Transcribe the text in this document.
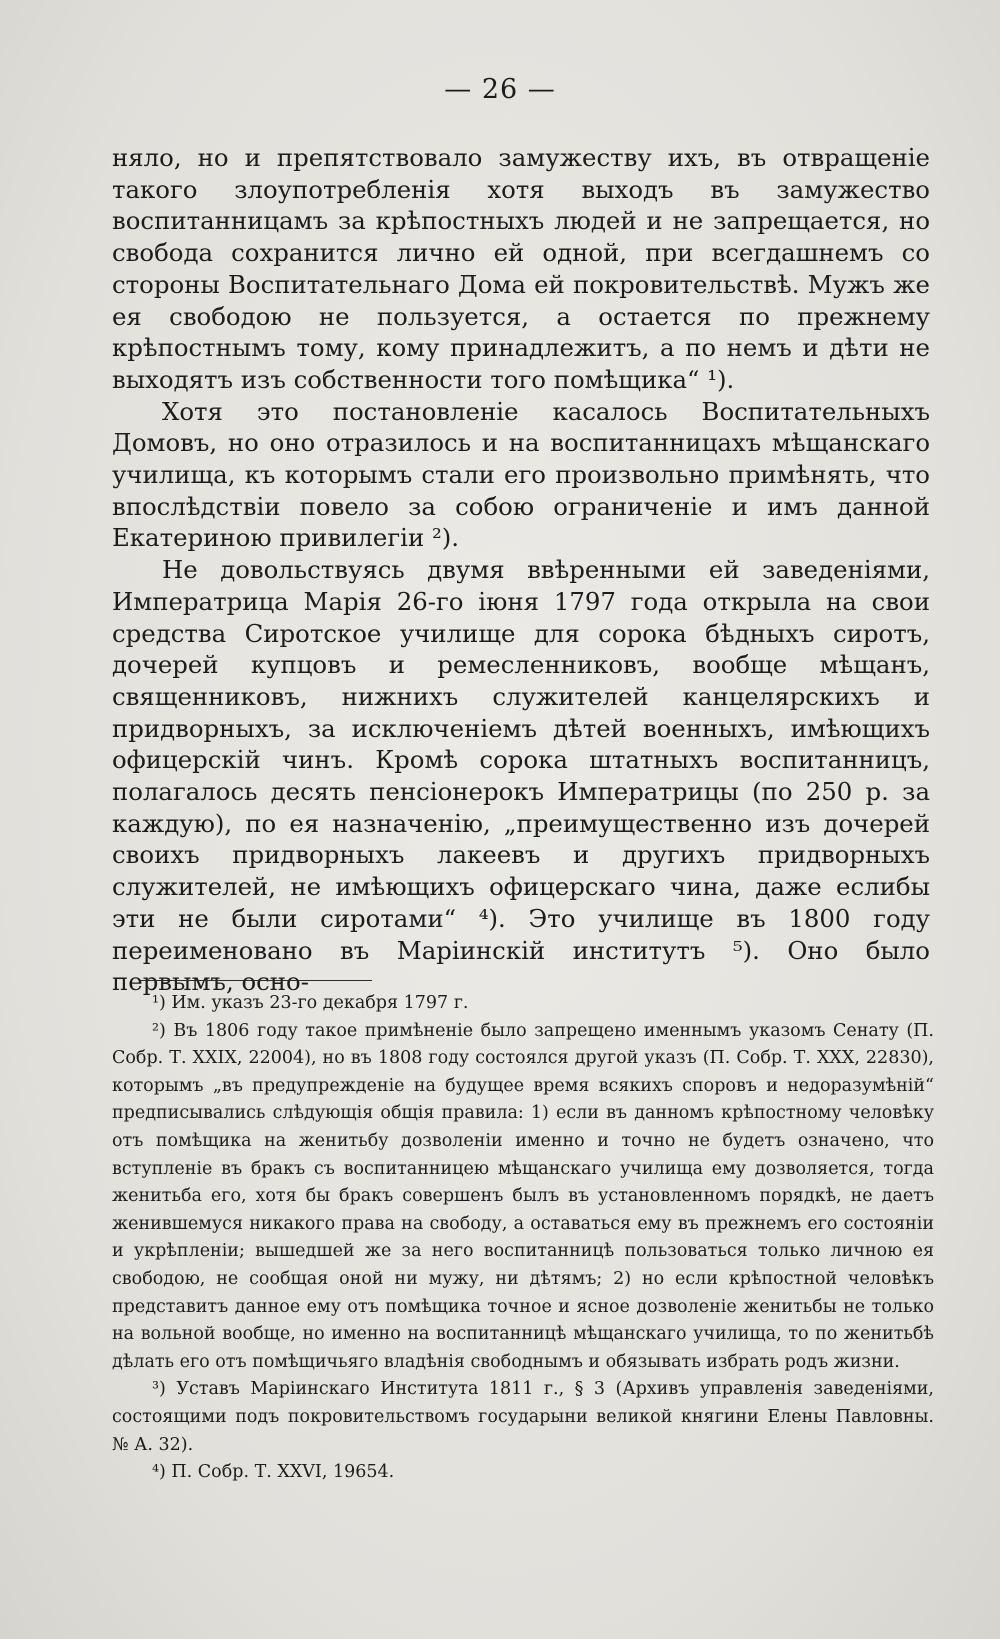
— 26 —

няло, но и препятствовало замужеству ихъ, въ отвращеніе такого злоупотребленія хотя выходъ въ замужество воспитанницамъ за крѣпостныхъ людей и не запрещается, но свобода сохранится лично ей одной, при всегдашнемъ со стороны Воспитательнаго Дома ей покровительствѣ. Мужъ же ея свободою не пользуется, а остается по прежнему крѣпостнымъ тому, кому принадлежитъ, а по немъ и дѣти не выходятъ изъ собственности того помѣщика“ ¹).

Хотя это постановленіе касалось Воспитательныхъ Домовъ, но оно отразилось и на воспитанницахъ мѣщанскаго училища, къ которымъ стали его произвольно примѣнять, что впослѣдствіи повело за собою ограниченіе и имъ данной Екатериною привилегіи ²).

Не довольствуясь двумя ввѣренными ей заведеніями, Императрица Марія 26-го іюня 1797 года открыла на свои средства Сиротское училище для сорока бѣдныхъ сиротъ, дочерей купцовъ и ремесленниковъ, вообще мѣщанъ, священниковъ, нижнихъ служителей канцелярскихъ и придворныхъ, за исключеніемъ дѣтей военныхъ, имѣющихъ офицерскій чинъ. Кромѣ сорока штатныхъ воспитанницъ, полагалось десять пенсіонерокъ Императрицы (по 250 р. за каждую), по ея назначенію, „преимущественно изъ дочерей своихъ придворныхъ лакеевъ и другихъ придворныхъ служителей, не имѣющихъ офицерскаго чина, даже еслибы эти не были сиротами“ ⁴). Это училище въ 1800 году переименовано въ Маріинскій институтъ ⁵). Оно было первымъ, осно-

¹) Им. указъ 23-го декабря 1797 г.

²) Въ 1806 году такое примѣненіе было запрещено именнымъ указомъ Сенату (П. Собр. Т. XXIX, 22004), но въ 1808 году состоялся другой указъ (П. Собр. Т. XXX, 22830), которымъ „въ предупрежденіе на будущее время всякихъ споровъ и недоразумѣній“ предписывались слѣдующія общія правила: 1) если въ данномъ крѣпостному человѣку отъ помѣщика на женитьбу дозволеніи именно и точно не будетъ означено, что вступленіе въ бракъ съ воспитанницею мѣщанскаго училища ему дозволяется, тогда женитьба его, хотя бы бракъ совершенъ былъ въ установленномъ порядкѣ, не даетъ женившемуся никакого права на свободу, а оставаться ему въ прежнемъ его состояніи и укрѣпленіи; вышедшей же за него воспитанницѣ пользоваться только личною ея свободою, не сообщая оной ни мужу, ни дѣтямъ; 2) но если крѣпостной человѣкъ представитъ данное ему отъ помѣщика точное и ясное дозволеніе женитьбы не только на вольной вообще, но именно на воспитанницѣ мѣщанскаго училища, то по женитьбѣ дѣлать его отъ помѣщичьяго владѣнія свободнымъ и обязывать избрать родъ жизни.

³) Уставъ Маріинскаго Института 1811 г., § 3 (Архивъ управленія заведеніями, состоящими подъ покровительствомъ государыни великой княгини Елены Павловны. № А. 32).

⁴) П. Собр. Т. XXVI, 19654.
